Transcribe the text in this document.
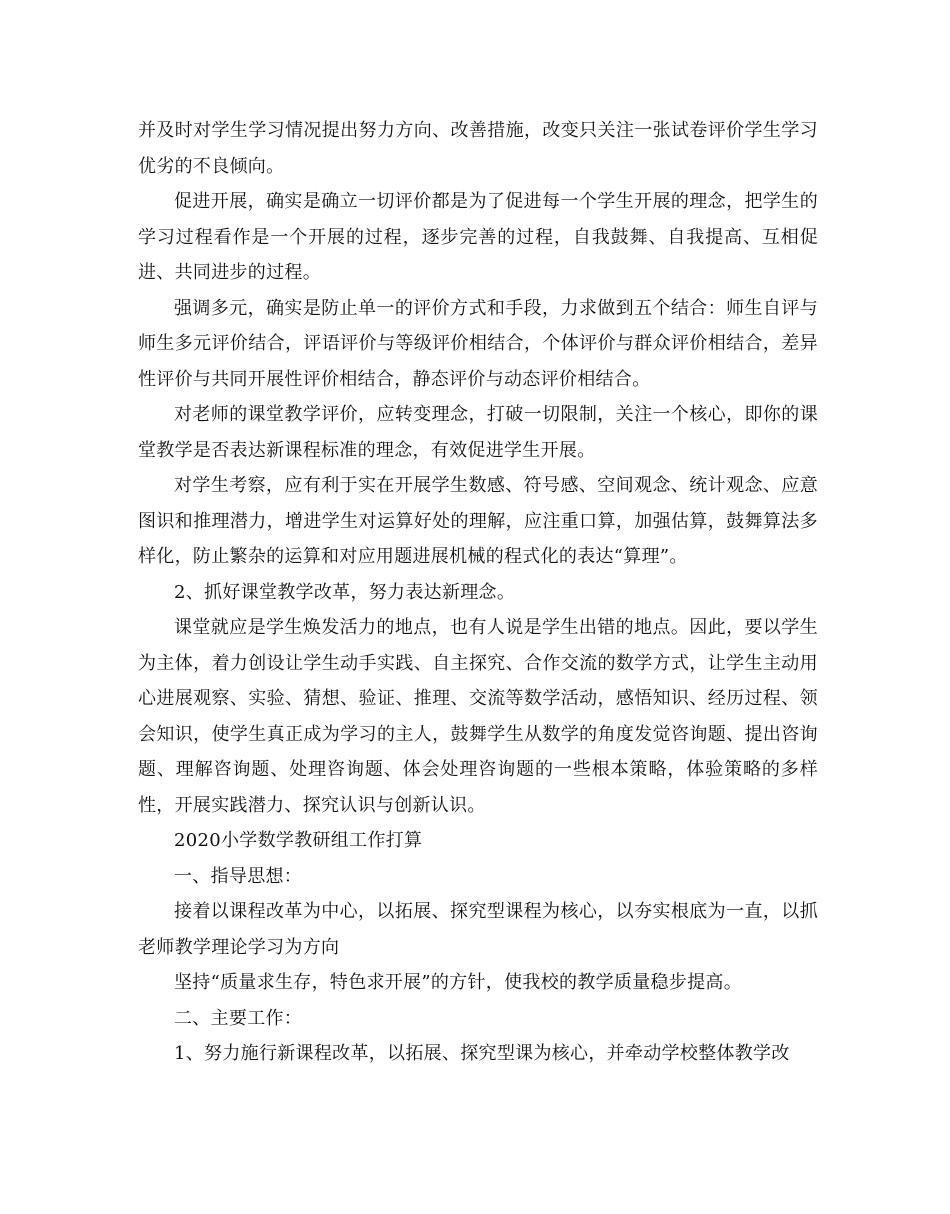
并及时对学生学习情况提出努力方向、改善措施，改变只关注一张试卷评价学生学习优劣的不良倾向。

促进开展，确实是确立一切评价都是为了促进每一个学生开展的理念，把学生的学习过程看作是一个开展的过程，逐步完善的过程，自我鼓舞、自我提高、互相促进、共同进步的过程。

强调多元，确实是防止单一的评价方式和手段，力求做到五个结合：师生自评与师生多元评价结合，评语评价与等级评价相结合，个体评价与群众评价相结合，差异性评价与共同开展性评价相结合，静态评价与动态评价相结合。

对老师的课堂教学评价，应转变理念，打破一切限制，关注一个核心，即你的课堂教学是否表达新课程标准的理念，有效促进学生开展。

对学生考察，应有利于实在开展学生数感、符号感、空间观念、统计观念、应意图识和推理潜力，增进学生对运算好处的理解，应注重口算，加强估算，鼓舞算法多样化，防止繁杂的运算和对应用题进展机械的程式化的表达“算理”。

2、抓好课堂教学改革，努力表达新理念。

课堂就应是学生焕发活力的地点，也有人说是学生出错的地点。因此，要以学生为主体，着力创设让学生动手实践、自主探究、合作交流的数学方式，让学生主动用心进展观察、实验、猜想、验证、推理、交流等数学活动，感悟知识、经历过程、领会知识，使学生真正成为学习的主人，鼓舞学生从数学的角度发觉咨询题、提出咨询题、理解咨询题、处理咨询题、体会处理咨询题的一些根本策略，体验策略的多样性，开展实践潜力、探究认识与创新认识。

2020小学数学教研组工作打算

一、指导思想：

接着以课程改革为中心，以拓展、探究型课程为核心，以夯实根底为一直，以抓老师教学理论学习为方向

坚持“质量求生存，特色求开展”的方针，使我校的教学质量稳步提高。

二、主要工作：

1、努力施行新课程改革，以拓展、探究型课为核心，并牵动学校整体教学改
